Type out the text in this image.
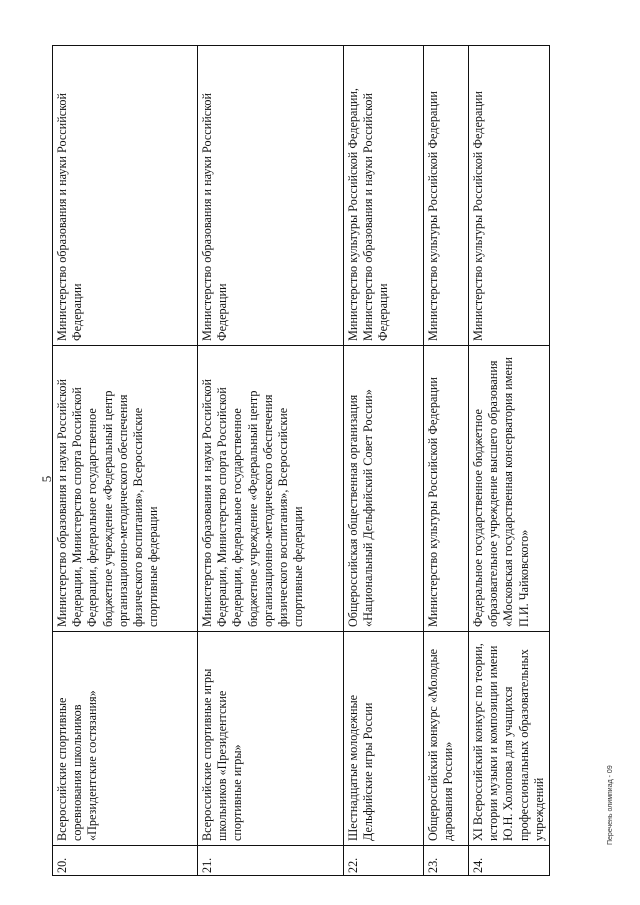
5
20.	Всероссийские спортивные соревнования школьников «Президентские состязания»	Министерство образования и науки Российской Федерации, Министерство спорта Российской Федерации, федеральное государственное бюджетное учреждение «Федеральный центр организационно-методического обеспечения физического воспитания», Всероссийские спортивные федерации	Министерство образования и науки Российской Федерации
21.	Всероссийские спортивные игры школьников «Президентские спортивные игры»	Министерство образования и науки Российской Федерации, Министерство спорта Российской Федерации, федеральное государственное бюджетное учреждение «Федеральный центр организационно-методического обеспечения физического воспитания», Всероссийские спортивные федерации	Министерство образования и науки Российской Федерации
22.	Шестнадцатые молодежные Дельфийские игры России	Общероссийская общественная организация «Национальный Дельфийский Совет России»	Министерство культуры Российской Федерации, Министерство образования и науки Российской Федерации
23.	Общероссийский конкурс «Молодые дарования России»	Министерство культуры Российской Федерации	Министерство культуры Российской Федерации
24.	XI Всероссийский конкурс по теории, истории музыки и композиции имени Ю.Н. Холопова для учащихся профессиональных образовательных учреждений	Федеральное государственное бюджетное образовательное учреждение высшего образования «Московская государственная консерватория имени П.И. Чайковского»	Министерство культуры Российской Федерации
Перечень олимпиад - 09
